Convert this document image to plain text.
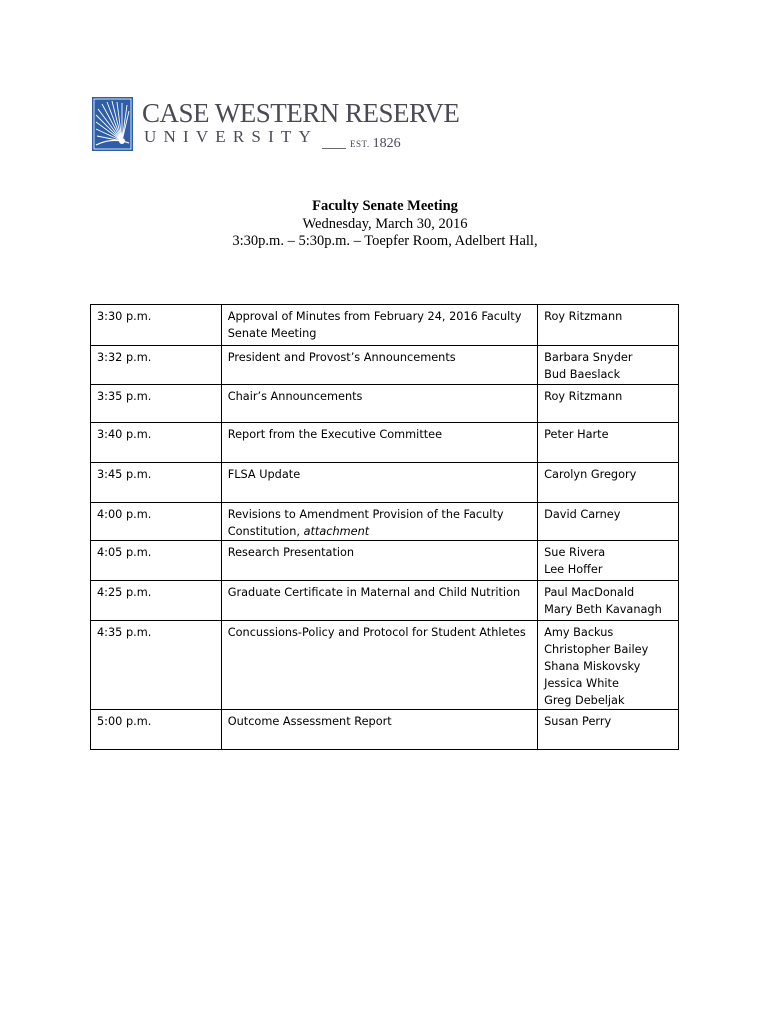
CASE WESTERN RESERVE
UNIVERSITY	EST. 1826
Faculty Senate Meeting
Wednesday, March 30, 2016
3:30p.m. – 5:30p.m. – Toepfer Room, Adelbert Hall,
3:30 p.m.	Approval of Minutes from February 24, 2016 Faculty Senate Meeting	Roy Ritzmann

3:32 p.m.	President and Provost’s Announcements	Barbara Snyder
Bud Baeslack

3:35 p.m.	Chair’s Announcements	Roy Ritzmann

3:40 p.m.	Report from the Executive Committee	Peter Harte

3:45 p.m.	FLSA Update	Carolyn Gregory

4:00 p.m.	Revisions to Amendment Provision of the Faculty Constitution, attachment	David Carney

4:05 p.m.	Research Presentation	Sue Rivera
Lee Hoffer

4:25 p.m.	Graduate Certificate in Maternal and Child Nutrition	Paul MacDonald
Mary Beth Kavanagh

4:35 p.m.	Concussions-Policy and Protocol for Student Athletes	Amy Backus
Christopher Bailey
Shana Miskovsky
Jessica White
Greg Debeljak

5:00 p.m.	Outcome Assessment Report	Susan Perry
